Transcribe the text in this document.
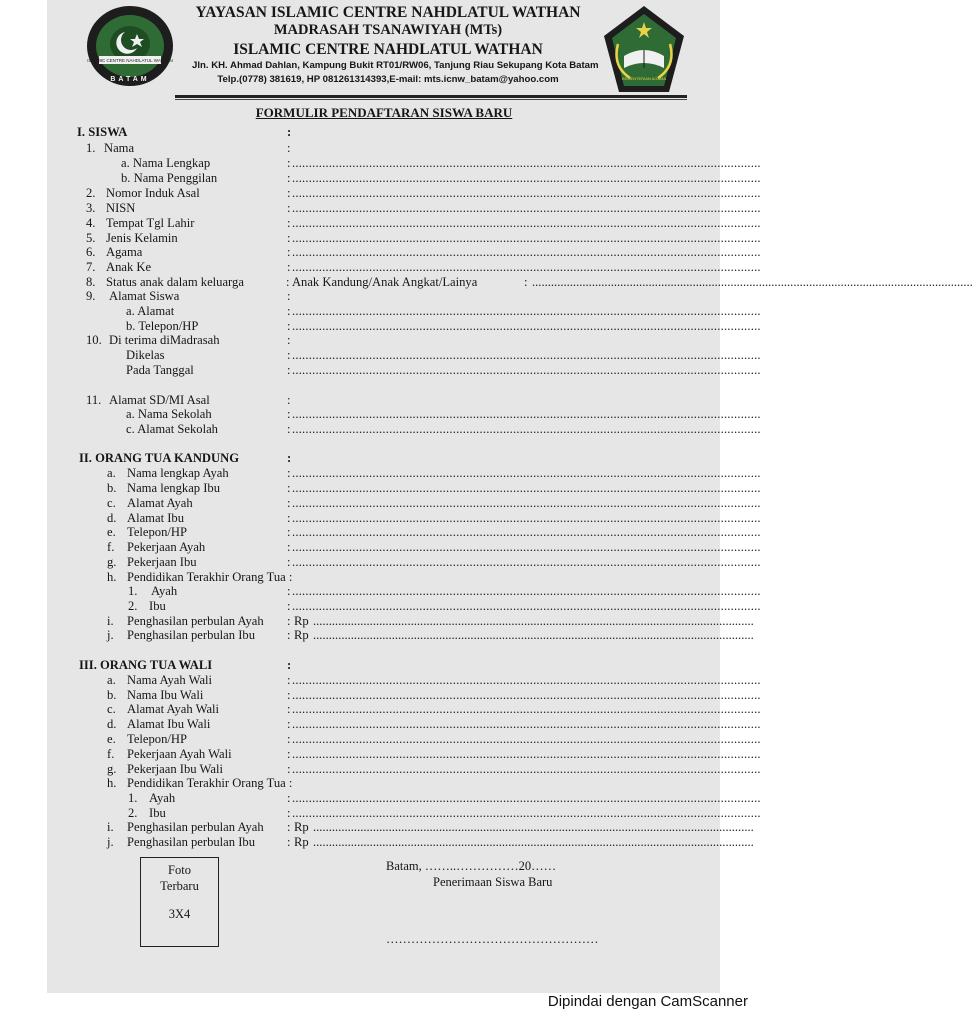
ISLAMIC CENTRE NAHDLATUL WATHAN
BATAM	KEMENTERIAN AGAMA
YAYASAN ISLAMIC CENTRE NAHDLATUL WATHAN
MADRASAH TSANAWIYAH (MTs)
ISLAMIC CENTRE NAHDLATUL WATHAN
Jln. KH. Ahmad Dahlan, Kampung Bukit RT01/RW06, Tanjung Riau Sekupang Kota Batam
Telp.(0778) 381619, HP 081261314393,E-mail: mts.icnw_batam@yahoo.com
FORMULIR PENDAFTARAN SISWA BARU
I. SISWA	:
1. Nama	:
a. Nama Lengkap	: ............................................................................................................................................
b. Nama Penggilan	: ............................................................................................................................................
2. Nomor Induk Asal	: ............................................................................................................................................
3. NISN	: ............................................................................................................................................
4. Tempat Tgl Lahir	: ............................................................................................................................................
5. Jenis Kelamin	: ............................................................................................................................................
6. Agama	: ............................................................................................................................................
7. Anak Ke	: ............................................................................................................................................
8. Status anak dalam keluarga	: Anak Kandung/Anak Angkat/Lainya	: ............................................................................................................................................
9. Alamat Siswa	:
a. Alamat	: ............................................................................................................................................
b. Telepon/HP	: ............................................................................................................................................
10. Di terima diMadrasah	:
Dikelas	: ............................................................................................................................................
Pada Tanggal	: ............................................................................................................................................
11. Alamat SD/MI Asal	:
a. Nama Sekolah	: ............................................................................................................................................
c. Alamat Sekolah	: ............................................................................................................................................
II. ORANG TUA KANDUNG	:
a. Nama lengkap Ayah	: ............................................................................................................................................
b. Nama lengkap Ibu	: ............................................................................................................................................
c. Alamat Ayah	: ............................................................................................................................................
d. Alamat Ibu	: ............................................................................................................................................
e. Telepon/HP	: ............................................................................................................................................
f. Pekerjaan Ayah	: ............................................................................................................................................
g. Pekerjaan Ibu	: ............................................................................................................................................
h. Pendidikan Terakhir Orang Tua :
1. Ayah	: ............................................................................................................................................
2. Ibu	: ............................................................................................................................................
i. Penghasilan perbulan Ayah : Rp ............................................................................................................................................
j. Penghasilan perbulan Ibu	: Rp ............................................................................................................................................
III. ORANG TUA WALI	:
a. Nama Ayah Wali	: ............................................................................................................................................
b. Nama Ibu Wali	: ............................................................................................................................................
c. Alamat Ayah Wali	: ............................................................................................................................................
d. Alamat Ibu Wali	: ............................................................................................................................................
e. Telepon/HP	: ............................................................................................................................................
f. Pekerjaan Ayah Wali	: ............................................................................................................................................
g. Pekerjaan Ibu Wali	: ............................................................................................................................................
h. Pendidikan Terakhir Orang Tua :
1. Ayah	: ............................................................................................................................................
2. Ibu	: ............................................................................................................................................
i. Penghasilan perbulan Ayah : Rp ............................................................................................................................................
j. Penghasilan perbulan Ibu	: Rp ............................................................................................................................................
Foto
Terbaru
3X4
Batam, ……..……………20……
Penerimaan Siswa Baru
……………………………………………
Dipindai dengan CamScanner
